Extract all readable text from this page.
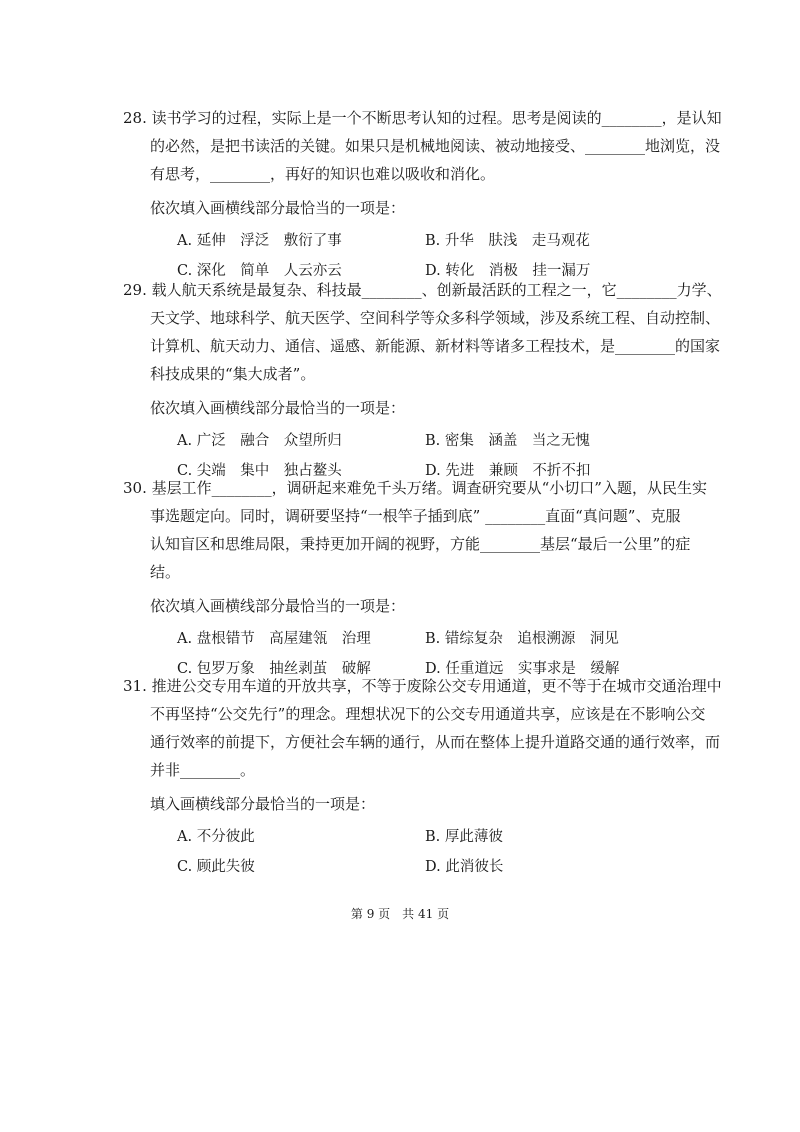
28. 读书学习的过程，实际上是一个不断思考认知的过程。思考是阅读的________，是认知
的必然，是把书读活的关键。如果只是机械地阅读、被动地接受、________地浏览，没
有思考，________，再好的知识也难以吸收和消化。
依次填入画横线部分最恰当的一项是：
A. 延伸　浮泛　敷衍了事	B. 升华　肤浅　走马观花
C. 深化　简单　人云亦云	D. 转化　消极　挂一漏万
29. 载人航天系统是最复杂、科技最________、创新最活跃的工程之一，它________力学、
天文学、地球科学、航天医学、空间科学等众多科学领域，涉及系统工程、自动控制、
计算机、航天动力、通信、遥感、新能源、新材料等诸多工程技术，是________的国家
科技成果的“集大成者”。
依次填入画横线部分最恰当的一项是：
A. 广泛　融合　众望所归	B. 密集　涵盖　当之无愧
C. 尖端　集中　独占鳌头	D. 先进　兼顾　不折不扣
30. 基层工作________，调研起来难免千头万绪。调查研究要从“小切口”入题，从民生实
事选题定向。同时，调研要坚持“一根竿子插到底” ________直面“真问题”、克服
认知盲区和思维局限，秉持更加开阔的视野，方能________基层“最后一公里”的症
结。
依次填入画横线部分最恰当的一项是：
A. 盘根错节　高屋建瓴　治理	B. 错综复杂　追根溯源　洞见
C. 包罗万象　抽丝剥茧　破解	D. 任重道远　实事求是　缓解
31. 推进公交专用车道的开放共享，不等于废除公交专用通道，更不等于在城市交通治理中
不再坚持“公交先行”的理念。理想状况下的公交专用通道共享，应该是在不影响公交
通行效率的前提下，方便社会车辆的通行，从而在整体上提升道路交通的通行效率，而
并非________。
填入画横线部分最恰当的一项是：
A. 不分彼此	B. 厚此薄彼
C. 顾此失彼	D. 此消彼长
第 9 页　共 41 页
